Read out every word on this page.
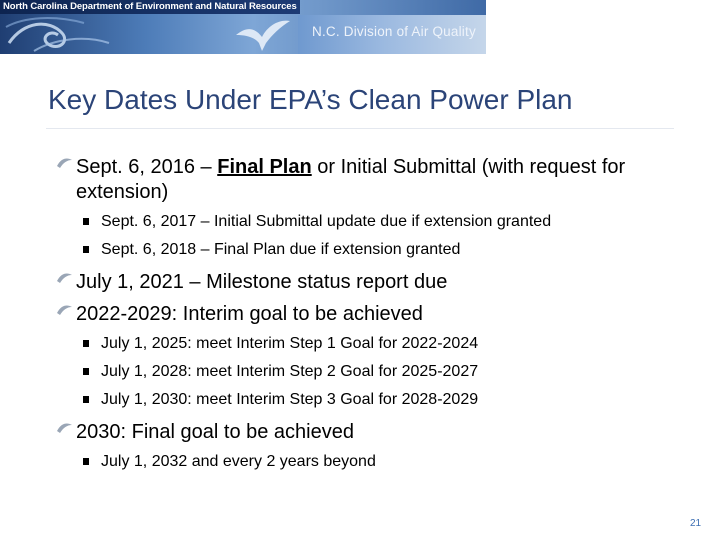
North Carolina Department of Environment and Natural Resources
N.C. Division of Air Quality
Key Dates Under EPA’s Clean Power Plan
Sept. 6, 2016 – Final Plan or Initial Submittal (with request for extension)
Sept. 6, 2017 – Initial Submittal update due if extension granted
Sept. 6, 2018 – Final Plan due if extension granted
July 1, 2021 – Milestone status report due
2022-2029: Interim goal to be achieved
July 1, 2025: meet Interim Step 1 Goal for 2022-2024
July 1, 2028: meet Interim Step 2 Goal for 2025-2027
July 1, 2030: meet Interim Step 3 Goal for 2028-2029
2030: Final goal to be achieved
July 1, 2032 and every 2 years beyond
21
